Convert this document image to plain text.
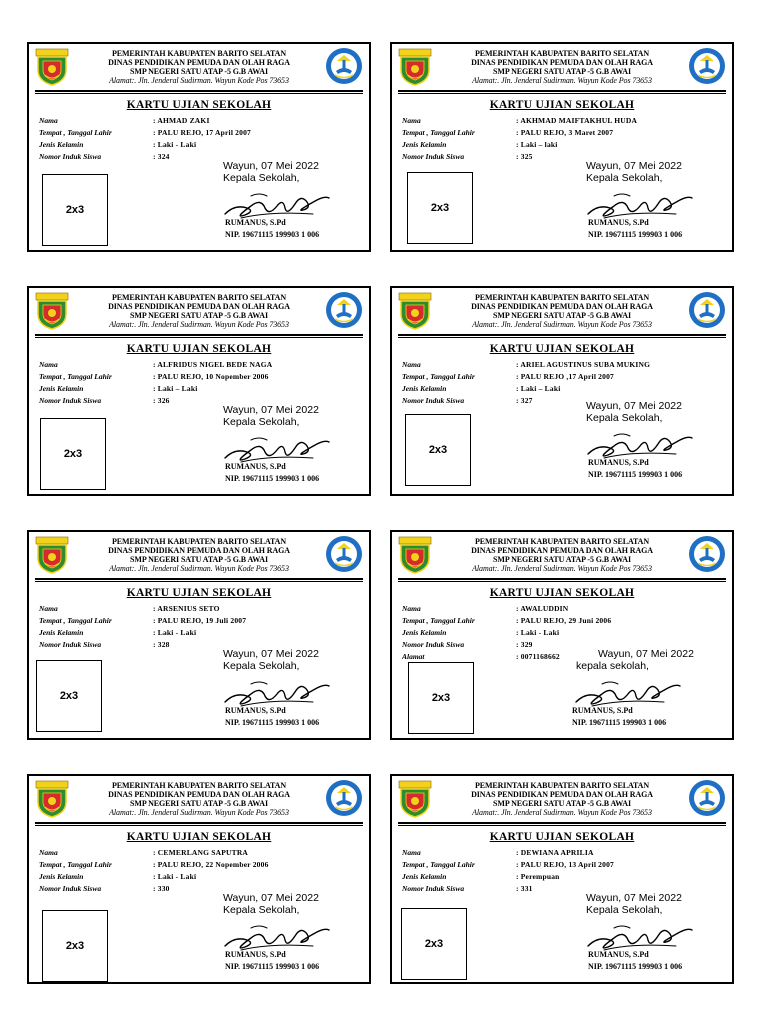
PEMERINTAH KABUPATEN BARITO SELATAN
DINAS PENDIDIKAN PEMUDA DAN OLAH RAGA
SMP NEGERI SATU ATAP -5 G.B AWAI
Alamat:. Jln. Jenderal Sudirman. Wayun Kode Pos 73653
KARTU UJIAN SEKOLAH
Nama	: AHMAD ZAKI
Tempat , Tanggal Lahir	: PALU REJO, 17 April 2007
Jenis Kelamin	: Laki - Laki
Nomor Induk Siswa	: 324
2x3
Wayun, 07 Mei 2022
Kepala Sekolah,
RUMANUS, S.Pd
NIP. 19671115 199903 1 006
PEMERINTAH KABUPATEN BARITO SELATAN
DINAS PENDIDIKAN PEMUDA DAN OLAH RAGA
SMP NEGERI SATU ATAP -5 G.B AWAI
Alamat:. Jln. Jenderal Sudirman. Wayun Kode Pos 73653
KARTU UJIAN SEKOLAH
Nama	: AKHMAD MAIFTAKHUL HUDA
Tempat , Tanggal Lahir	: PALU REJO, 3 Maret 2007
Jenis Kelamin	: Laki – laki
Nomor Induk Siswa	: 325
2x3
Wayun, 07 Mei 2022
Kepala Sekolah,
RUMANUS, S.Pd
NIP. 19671115 199903 1 006
PEMERINTAH KABUPATEN BARITO SELATAN
DINAS PENDIDIKAN PEMUDA DAN OLAH RAGA
SMP NEGERI SATU ATAP -5 G.B AWAI
Alamat:. Jln. Jenderal Sudirman. Wayun Kode Pos 73653
KARTU UJIAN SEKOLAH
Nama	: ALFRIDUS NIGEL BEDE NAGA
Tempat , Tanggal Lahir	: PALU REJO, 10 Nopember 2006
Jenis Kelamin	: Laki – Laki
Nomor Induk Siswa	: 326
2x3
Wayun, 07 Mei 2022
Kepala Sekolah,
RUMANUS, S.Pd
NIP. 19671115 199903 1 006
PEMERINTAH KABUPATEN BARITO SELATAN
DINAS PENDIDIKAN PEMUDA DAN OLAH RAGA
SMP NEGERI SATU ATAP -5 G.B AWAI
Alamat:. Jln. Jenderal Sudirman. Wayun Kode Pos 73653
KARTU UJIAN SEKOLAH
Nama	: ARIEL AGUSTINUS SUBA MUKING
Tempat , Tanggal Lahir	: PALU REJO ,17 April 2007
Jenis Kelamin	: Laki – Laki
Nomor Induk Siswa	: 327
2x3
Wayun, 07 Mei 2022
Kepala Sekolah,
RUMANUS, S.Pd
NIP. 19671115 199903 1 006
PEMERINTAH KABUPATEN BARITO SELATAN
DINAS PENDIDIKAN PEMUDA DAN OLAH RAGA
SMP NEGERI SATU ATAP -5 G.B AWAI
Alamat:. Jln. Jenderal Sudirman. Wayun Kode Pos 73653
KARTU UJIAN SEKOLAH
Nama	: ARSENIUS SETO
Tempat , Tanggal Lahir	: PALU REJO, 19 Juli 2007
Jenis Kelamin	: Laki - Laki
Nomor Induk Siswa	: 328
2x3
Wayun, 07 Mei 2022
Kepala Sekolah,
RUMANUS, S.Pd
NIP. 19671115 199903 1 006
PEMERINTAH KABUPATEN BARITO SELATAN
DINAS PENDIDIKAN PEMUDA DAN OLAH RAGA
SMP NEGERI SATU ATAP -5 G.B AWAI
Alamat:. Jln. Jenderal Sudirman. Wayun Kode Pos 73653
KARTU UJIAN SEKOLAH
Nama	: AWALUDDIN
Tempat , Tanggal Lahir	: PALU REJO, 29 Juni 2006
Jenis Kelamin	: Laki - Laki
Nomor Induk Siswa	: 329
Alamat	: 0071168662
2x3
Wayun, 07 Mei 2022
kepala sekolah,
RUMANUS, S.Pd
NIP. 19671115 199903 1 006
PEMERINTAH KABUPATEN BARITO SELATAN
DINAS PENDIDIKAN PEMUDA DAN OLAH RAGA
SMP NEGERI SATU ATAP -5 G.B AWAI
Alamat:. Jln. Jenderal Sudirman. Wayun Kode Pos 73653
KARTU UJIAN SEKOLAH
Nama	: CEMERLANG SAPUTRA
Tempat , Tanggal Lahir	: PALU REJO, 22 Nopember 2006
Jenis Kelamin	: Laki - Laki
Nomor Induk Siswa	: 330
2x3
Wayun, 07 Mei 2022
Kepala Sekolah,
RUMANUS, S.Pd
NIP. 19671115 199903 1 006
PEMERINTAH KABUPATEN BARITO SELATAN
DINAS PENDIDIKAN PEMUDA DAN OLAH RAGA
SMP NEGERI SATU ATAP -5 G.B AWAI
Alamat:. Jln. Jenderal Sudirman. Wayun Kode Pos 73653
KARTU UJIAN SEKOLAH
Nama	: DEWIANA APRILIA
Tempat , Tanggal Lahir	: PALU REJO, 13 April 2007
Jenis Kelamin	: Perempuan
Nomor Induk Siswa	: 331
2x3
Wayun, 07 Mei 2022
Kepala Sekolah,
RUMANUS, S.Pd
NIP. 19671115 199903 1 006
